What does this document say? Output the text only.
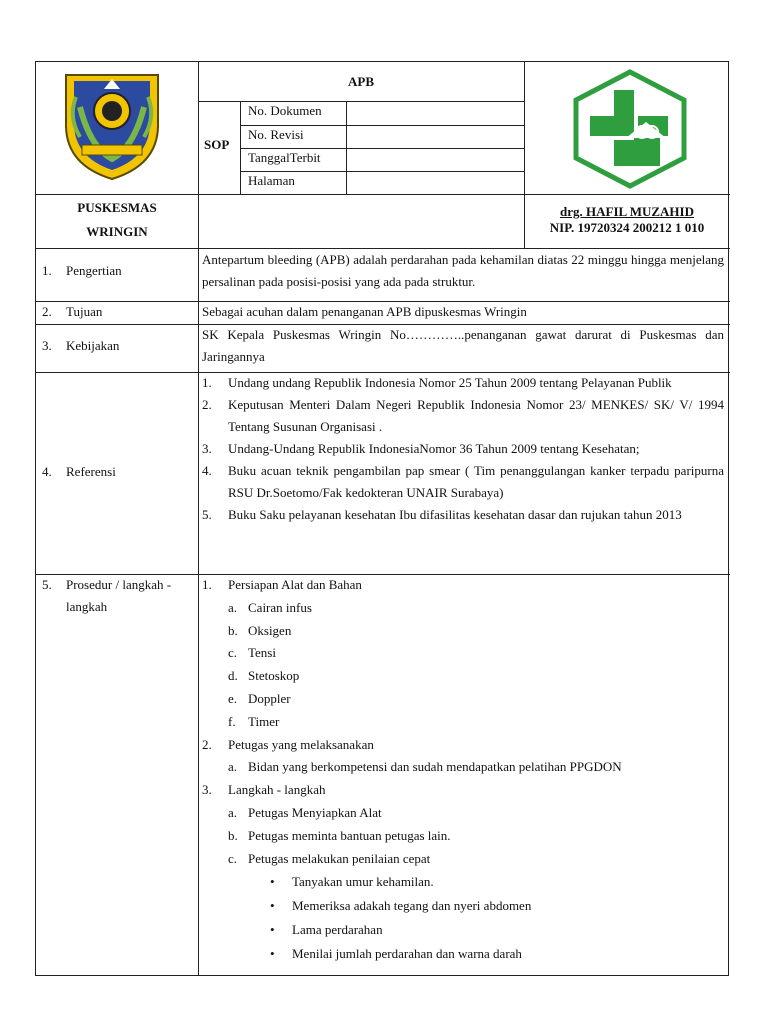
APB
SOP
No. Dokumen
No. Revisi
TanggalTerbit
Halaman
PUSKESMAS
WRINGIN
drg. HAFIL MUZAHID
NIP. 19720324 200212 1 010
1. Pengertian
Antepartum bleeding (APB) adalah perdarahan pada kehamilan diatas 22 minggu hingga menjelang persalinan pada posisi-posisi yang ada pada struktur.
2. Tujuan	Sebagai acuhan dalam penanganan APB dipuskesmas Wringin
3. Kebijakan
SK Kepala Puskesmas Wringin No…………..penanganan gawat darurat di Puskesmas dan Jaringannya
4. Referensi
1. Undang undang Republik Indonesia Nomor 25 Tahun 2009 tentang Pelayanan Publik
2. Keputusan Menteri Dalam Negeri Republik Indonesia Nomor 23/ MENKES/ SK/ V/ 1994 Tentang Susunan Organisasi .
3. Undang-Undang Republik IndonesiaNomor 36 Tahun 2009 tentang Kesehatan;
4. Buku acuan teknik pengambilan pap smear ( Tim penanggulangan kanker terpadu paripurna RSU Dr.Soetomo/Fak kedokteran UNAIR Surabaya)
5. Buku Saku pelayanan kesehatan Ibu difasilitas kesehatan dasar dan rujukan tahun 2013
5. Prosedur / langkah -
langkah
1. Persiapan Alat dan Bahan
a. Cairan infus
b. Oksigen
c. Tensi
d. Stetoskop
e. Doppler
f. Timer
2. Petugas yang melaksanakan
a. Bidan yang berkompetensi dan sudah mendapatkan pelatihan PPGDON
3. Langkah - langkah
a. Petugas Menyiapkan Alat
b. Petugas meminta bantuan petugas lain.
c. Petugas melakukan penilaian cepat
• Tanyakan umur kehamilan.
• Memeriksa adakah tegang dan nyeri abdomen
• Lama perdarahan
• Menilai jumlah perdarahan dan warna darah
